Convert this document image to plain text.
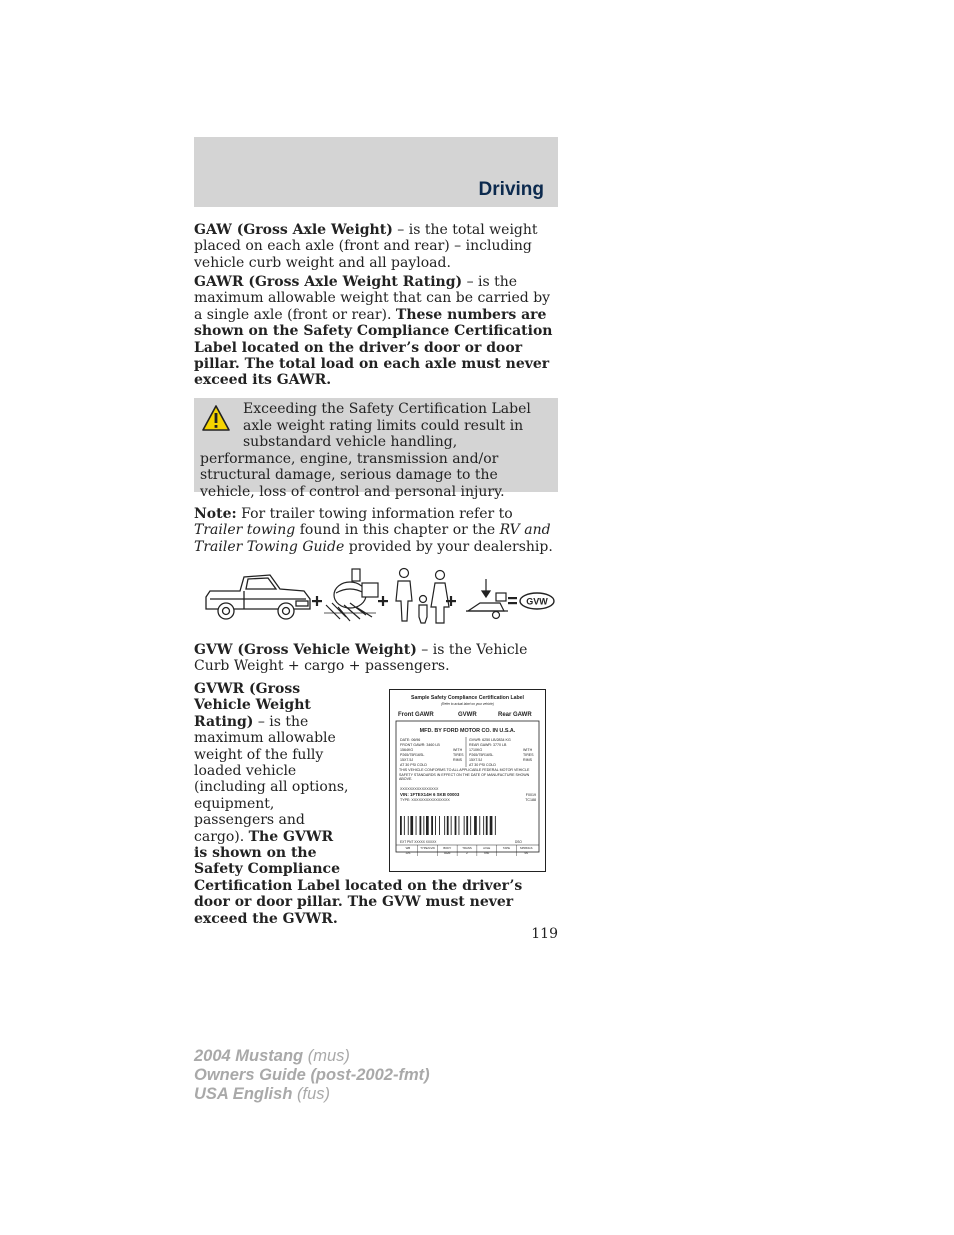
Driving

GAW (Gross Axle Weight) – is the total weight placed on each axle (front and rear) – including vehicle curb weight and all payload.

GAWR (Gross Axle Weight Rating) – is the maximum allowable weight that can be carried by a single axle (front or rear). These numbers are shown on the Safety Compliance Certification Label located on the driver’s door or door pillar. The total load on each axle must never exceed its GAWR.

Exceeding the Safety Certification Label axle weight rating limits could result in substandard vehicle handling, performance, engine, transmission and/or structural damage, serious damage to the vehicle, loss of control and personal injury.

Note: For trailer towing information refer to Trailer towing found in this chapter or the RV and Trailer Towing Guide provided by your dealership.

GVW

GVW (Gross Vehicle Weight) – is the Vehicle Curb Weight + cargo + passengers.

GVWR (Gross Vehicle Weight Rating) – is the maximum allowable weight of the fully loaded vehicle (including all options, equipment, passengers and cargo). The GVWR is shown on the Safety Compliance Certification Label located on the driver’s door or door pillar. The GVW must never exceed the GVWR.

Sample Safety Compliance Certification Label
(Refer to actual label on your vehicle)
Front GAWR	GVWR	Rear GAWR
MFD. BY FORD MOTOR CO. IN U.S.A.
DATE: 06/96
FRONT GAWR: 3460 LB
1564KG
P265/75R16SL
15X7.5J
AT 30 PSI COLD
WITH
TIRES
RIMS
WITH
TIRES
RIMS
GVWR: 6250 LB/2834 KG
REAR GAWR: 3770 LB
1710KG
P265/75R16SL
15X7.5J
AT 30 PSI COLD
THIS VEHICLE CONFORMS TO ALL APPLICABLE FEDERAL MOTOR VEHICLE SAFETY STANDARDS IN EFFECT ON THE DATE OF MANUFACTURE SHOWN ABOVE.
XXXXXXXXXXXXXXXX
VIN: 1FTEX14H 6 SKB 00003
TYPE: XXXXXXXXXXXXXXXX
F0019
TC188
EXT PNT XXXXX XXXXX	DSO
WB
13S
TYPE/GVW	BODY
REM
TRANS
Z
AXLE
K60
TAPE	SPRINGS
9N
119
2004 Mustang (mus)
Owners Guide (post-2002-fmt)
USA English (fus)
